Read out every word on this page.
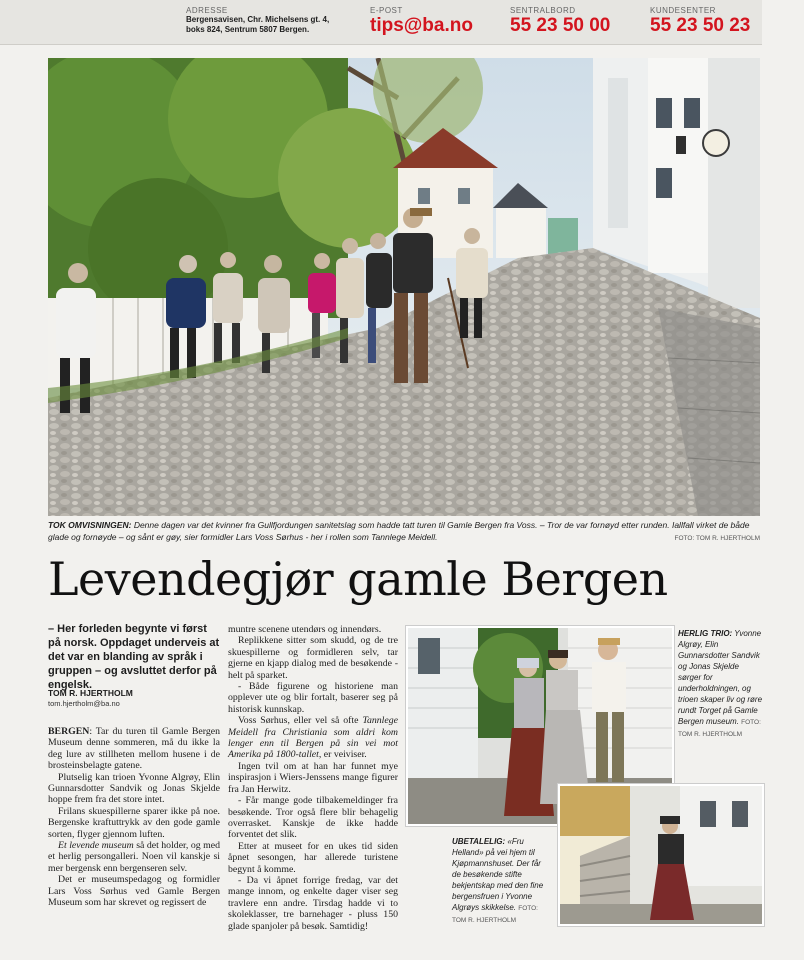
ADRESSE
Bergensavisen, Chr. Michelsens gt. 4,
boks 824, Sentrum 5807 Bergen.
E-POST
tips@ba.no
SENTRALBORD
55 23 50 00
KUNDESENTER
55 23 50 23
TOK OMVISNINGEN: Denne dagen var det kvinner fra Gullfjordungen sanitetslag som hadde tatt turen til Gamle Bergen fra Voss. – Tror de var fornøyd etter runden. Iallfall virket de både glade og fornøyde – og sånt er gøy, sier formidler Lars Voss Sørhus - her i rollen som Tannlege Meidell.	FOTO: TOM R. HJERTHOLM
Levendegjør gamle Bergen
– Her forleden begynte vi først på norsk. Oppdaget underveis at det var en blanding av språk i gruppen – og avsluttet derfor på engelsk.
TOM R. HJERTHOLM
tom.hjertholm@ba.no

BERGEN: Tar du turen til Gamle Bergen Museum denne sommeren, må du ikke la deg lure av stillheten mellom husene i de brosteinsbelagte gatene.

Plutselig kan trioen Yvonne Algrøy, Elin Gunnarsdotter Sandvik og Jonas Skjelde hoppe frem fra det store intet.

Frilans skuespillerne sparer ikke på noe. Bergenske kraftuttrykk av den gode gamle sorten, flyger gjennom luften.

Et levende museum så det holder, og med et herlig persongalleri. Noen vil kanskje si mer bergensk enn bergenseren selv.

Det er museumspedagog og formidler Lars Voss Sørhus ved Gamle Bergen Museum som har skrevet og regissert de

muntre scenene utendørs og innendørs.

Replikkene sitter som skudd, og de tre skuespillerne og formidleren selv, tar gjerne en kjapp dialog med de besøkende - helt på sparket.

- Både figurene og historiene man opplever ute og blir fortalt, baserer seg på historisk kunnskap.

Voss Sørhus, eller vel så ofte Tannlege Meidell fra Christiania som aldri kom lenger enn til Bergen på sin vei mot Amerika på 1800-tallet, er veiviser.

Ingen tvil om at han har funnet mye inspirasjon i Wiers-Jenssens mange figurer fra Jan Herwitz.

- Får mange gode tilbakemeldinger fra besøkende. Tror også flere blir behagelig overrasket. Kanskje de ikke hadde forventet det slik.

Etter at museet for en ukes tid siden åpnet sesongen, har allerede turistene begynt å komme.

- Da vi åpnet forrige fredag, var det mange innom, og enkelte dager viser seg travlere enn andre. Tirsdag hadde vi to skoleklasser, tre barnehager - pluss 150 glade spanjoler på besøk. Samtidig!

HERLIG TRIO: Yvonne Algrøy, Elin Gunnarsdotter Sandvik og Jonas Skjelde sørger for underholdningen, og trioen skaper liv og røre rundt Torget på Gamle Bergen museum. FOTO: TOM R. HJERTHOLM
UBETALELIG: «Fru Helland» på vei hjem til Kjøpmannshuset. Der får de besøkende stifte bekjentskap med den fine bergensfruen i Yvonne Algrøys skikkelse. FOTO: TOM R. HJERTHOLM
